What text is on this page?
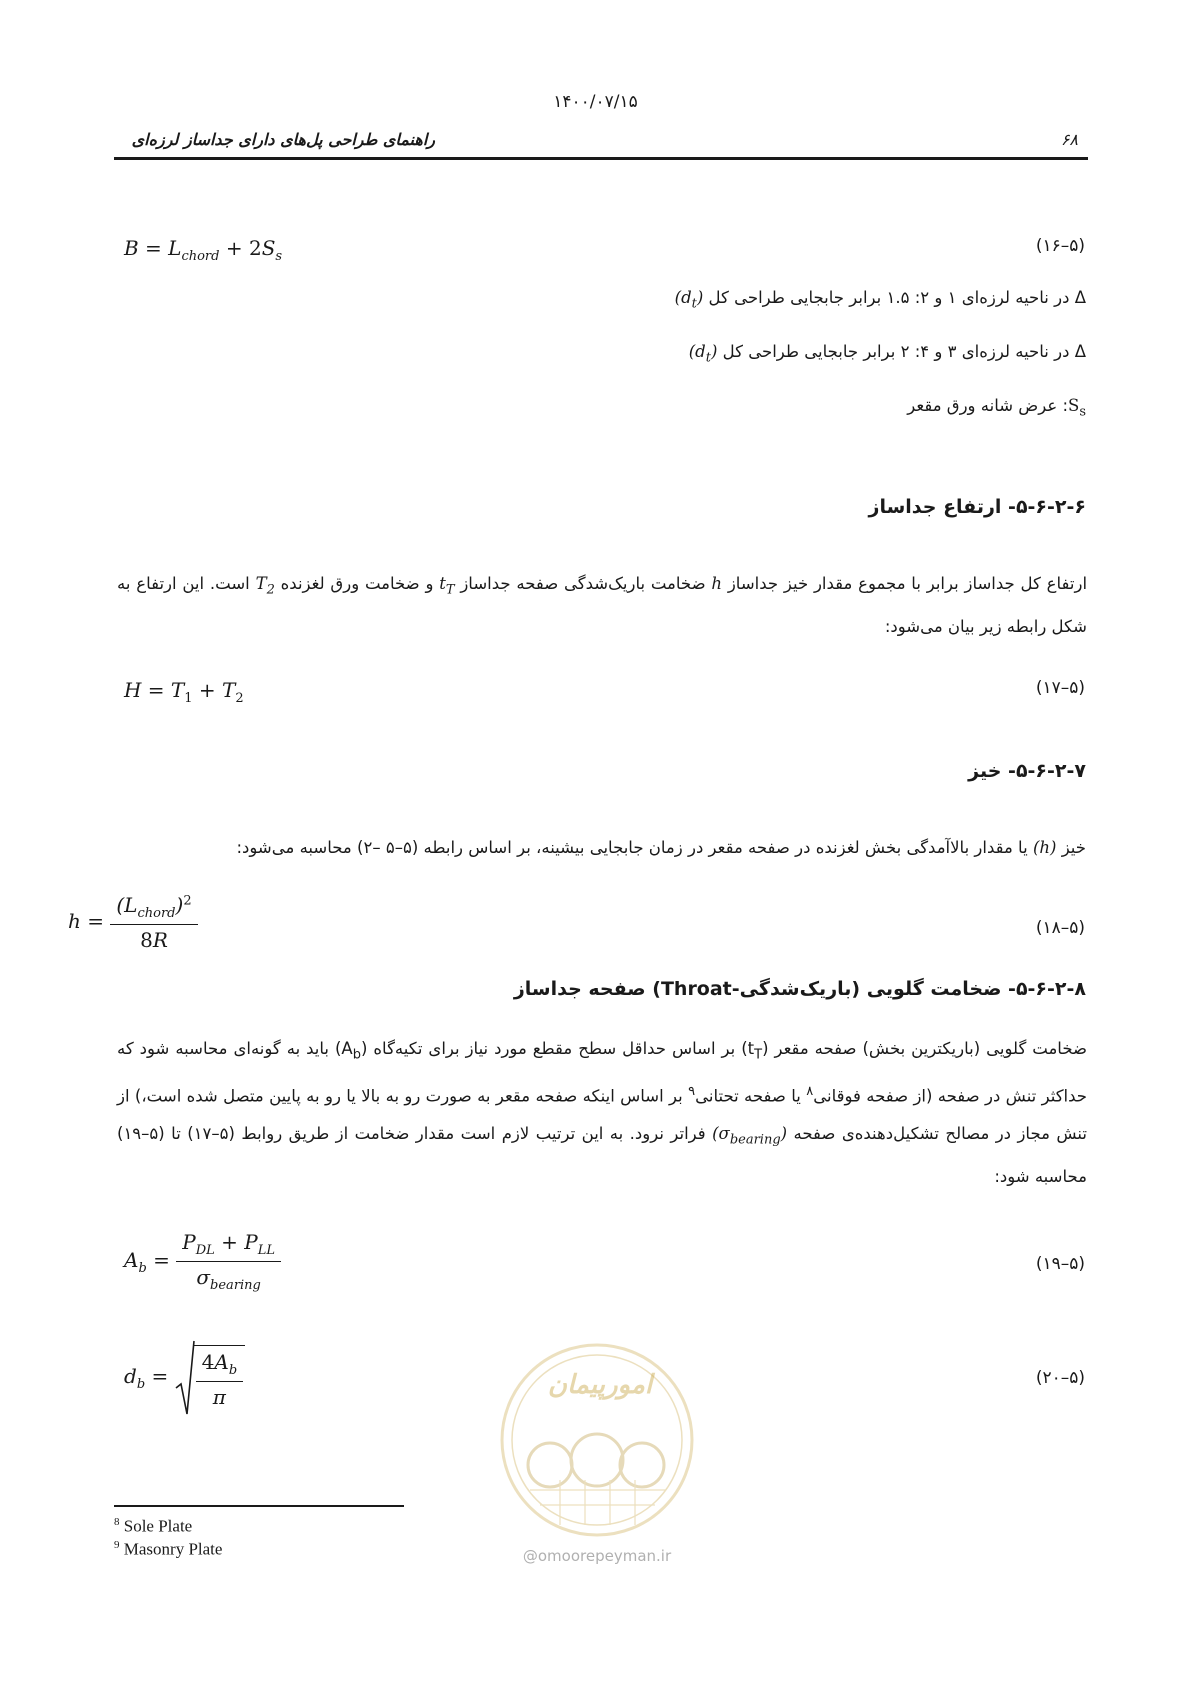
۱۴۰۰/۰۷/۱۵
راهنمای طراحی پل‌های دارای جداساز لرزه‌ای	۶۸
$B = L_{chord} + 2S_s$
(۵–۱۶)
Δ در ناحیه لرزه‌ای ۱ و ۲: ۱.۵ برابر جابجایی طراحی کل $(d_t)$
Δ در ناحیه لرزه‌ای ۳ و ۴: ۲ برابر جابجایی طراحی کل $(d_t)$
$S_s$: عرض شانه ورق مقعر
۵-۶-۲-۶- ارتفاع جداساز
ارتفاع کل جداساز برابر با مجموع مقدار خیز جداساز h ضخامت باریک‌شدگی صفحه جداساز $t_T$ و ضخامت ورق لغزنده $T_2$ است. این ارتفاع به شکل رابطه زیر بیان می‌شود:
$H = T_1 + T_2$
(۵–۱۷)
۵-۶-۲-۷- خیز
خیز (h) یا مقدار بالاآمدگی بخش لغزنده در صفحه مقعر در زمان جابجایی بیشینه، بر اساس رابطه (۵–۵ –۲) محاسبه می‌شود:
$h = \frac{(L_{chord})^2}{8R}$	(۵–۱۸)
۵-۶-۲-۸- ضخامت گلویی (باریک‌شدگی-Throat) صفحه جداساز
ضخامت گلویی (باریکترین بخش) صفحه مقعر $(t_T)$ بر اساس حداقل سطح مقطع مورد نیاز برای تکیه‌گاه $(A_b)$ باید به گونه‌ای محاسبه شود که حداکثر تنش در صفحه (از صفحه فوقانی$^۸$ یا صفحه تحتانی$^۹$ بر اساس اینکه صفحه مقعر به صورت رو به بالا یا رو به پایین متصل شده است،) از تنش مجاز در مصالح تشکیل‌دهنده‌ی صفحه $(\sigma_{bearing})$ فراتر نرود. به این ترتیب لازم است مقدار ضخامت از طریق روابط (۵–۱۷) تا (۵–۱۹) محاسبه شود:
$A_b = \frac{P_{DL} + P_{LL}}{\sigma_{bearing}}$	(۵–۱۹)
$d_b$ =	$\frac{4A_b}{\pi}$	(۵–۲۰)
امورپیمان
@omoorepeyman.ir
$^8$ Sole Plate
$^9$ Masonry Plate
